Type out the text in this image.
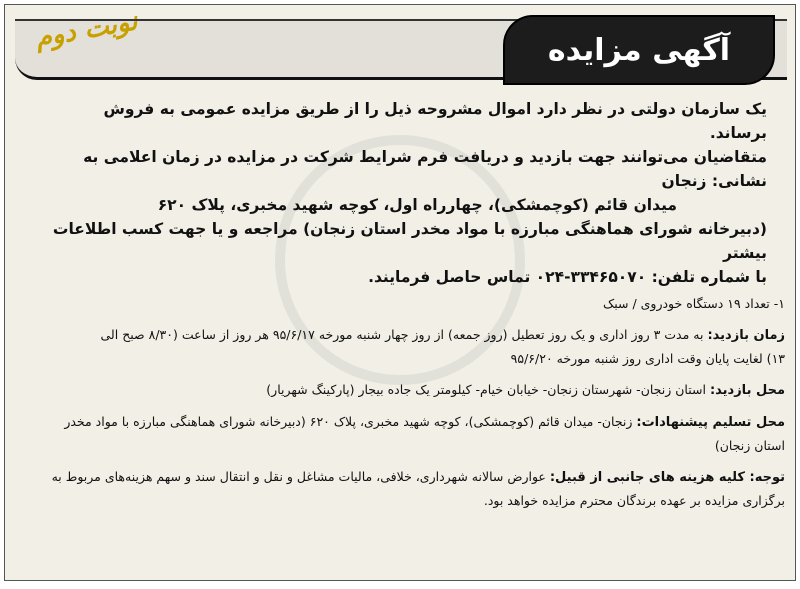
آگهی مزایده
نوبت دوم

یک سازمان دولتی در نظر دارد اموال مشروحه ذیل را از طریق مزایده عمومی به فروش برساند.

متقاضیان می‌توانند جهت بازدید و دریافت فرم شرایط شرکت در مزایده در زمان اعلامی به نشانی: زنجان

میدان قائم (کوچمشکی)، چهارراه اول، کوچه شهید مخبری، پلاک ۶۲۰

(دبیرخانه شورای هماهنگی مبارزه با مواد مخدر استان زنجان) مراجعه و یا جهت کسب اطلاعات بیشتر

با شماره تلفن: ۳۳۴۶۵۰۷۰-۰۲۴ تماس حاصل فرمایند.

۱- تعداد ۱۹ دستگاه خودروی / سبک

زمان بازدید: به مدت ۳ روز اداری و یک روز تعطیل (روز جمعه) از روز چهار شنبه مورخه ۹۵/۶/۱۷ هر روز از ساعت (۸/۳۰ صبح الی

۱۳) لغایت پایان وقت اداری روز شنبه مورخه ۹۵/۶/۲۰

محل بازدید: استان زنجان- شهرستان زنجان- خیابان خیام- کیلومتر یک جاده بیجار (پارکینگ شهریار)

محل تسلیم پیشنهادات: زنجان- میدان قائم (کوچمشکی)، کوچه شهید مخبری، پلاک ۶۲۰ (دبیرخانه شورای هماهنگی مبارزه با مواد مخدر

استان زنجان)

توجه: کلیه هزینه های جانبی از قبیل: عوارض سالانه شهرداری، خلافی، مالیات مشاغل و نقل و انتقال سند و سهم هزینه‌های مربوط به

برگزاری مزایده بر عهده برندگان محترم مزایده خواهد بود.
